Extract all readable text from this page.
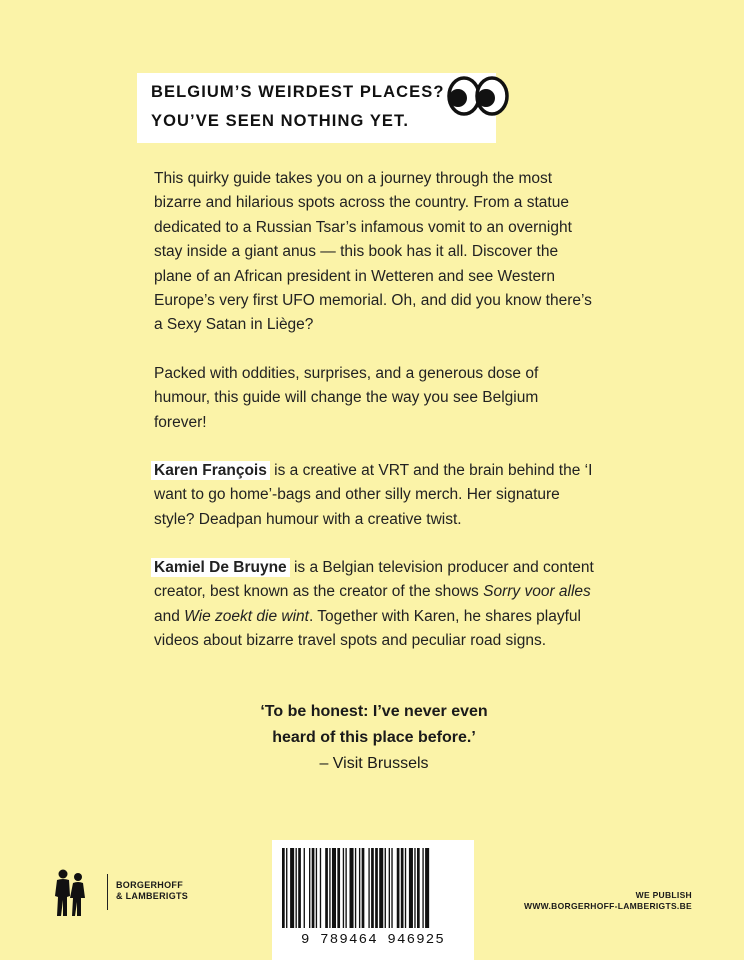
BELGIUM’S WEIRDEST PLACES?
YOU’VE SEEN NOTHING YET.

This quirky guide takes you on a journey through the most bizarre and hilarious spots across the country. From a statue dedicated to a Russian Tsar’s infamous vomit to an overnight stay inside a giant anus — this book has it all. Discover the plane of an African president in Wetteren and see Western Europe’s very first UFO memorial. Oh, and did you know there’s a Sexy Satan in Liège?

Packed with oddities, surprises, and a generous dose of humour, this guide will change the way you see Belgium forever!

Karen François is a creative at VRT and the brain behind the ‘I want to go home’-bags and other silly merch. Her signature style? Deadpan humour with a creative twist.

Kamiel De Bruyne is a Belgian television producer and content creator, best known as the creator of the shows Sorry voor alles and Wie zoekt die wint. Together with Karen, he shares playful videos about bizarre travel spots and peculiar road signs.

‘To be honest: I’ve never even
heard of this place before.’
– Visit Brussels
BORGERHOFF
& LAMBERIGTS
9 789464 946925
WE PUBLISH
WWW.BORGERHOFF-LAMBERIGTS.BE
